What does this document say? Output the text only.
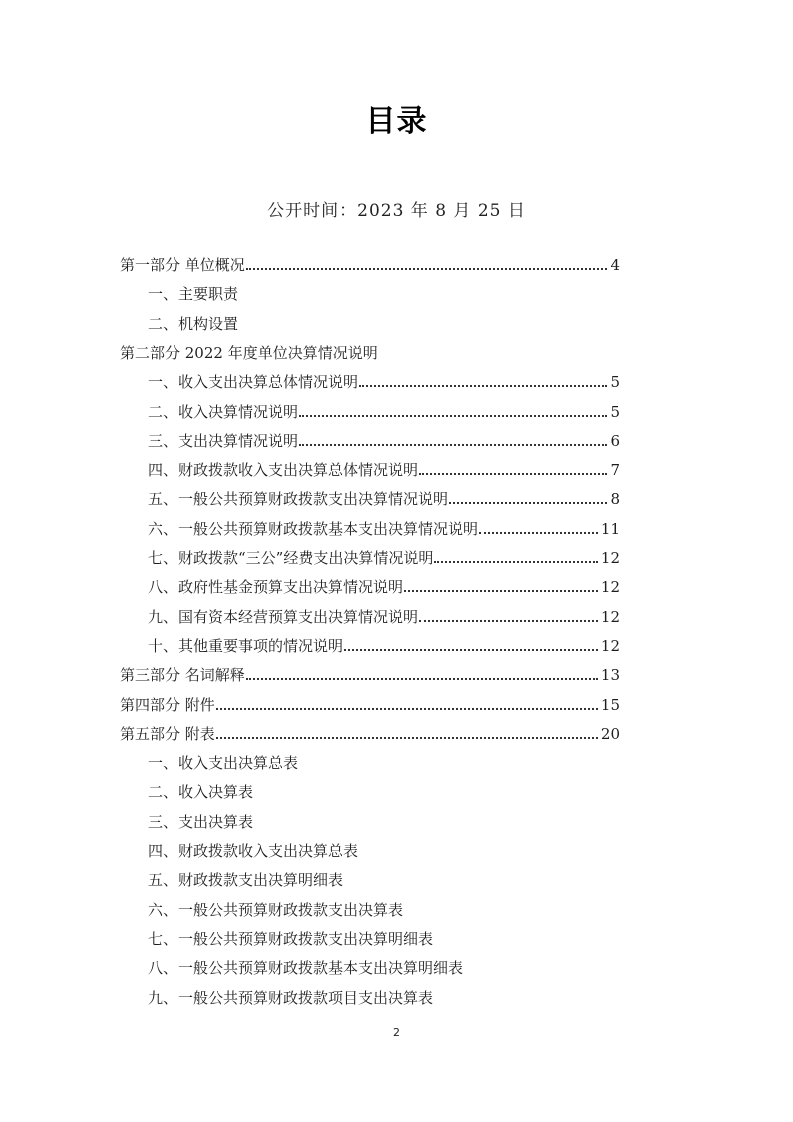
目录
公开时间：2023 年 8 月 25 日
第一部分 单位概况	4
一、主要职责
二、机构设置
第二部分 2022 年度单位决算情况说明
一、收入支出决算总体情况说明	5
二、收入决算情况说明	5
三、支出决算情况说明	6
四、财政拨款收入支出决算总体情况说明	7
五、一般公共预算财政拨款支出决算情况说明	8
六、一般公共预算财政拨款基本支出决算情况说明	11
七、财政拨款“三公”经费支出决算情况说明	12
八、政府性基金预算支出决算情况说明	12
九、国有资本经营预算支出决算情况说明	12
十、其他重要事项的情况说明	12
第三部分 名词解释	13
第四部分 附件	15
第五部分 附表	20
一、收入支出决算总表
二、收入决算表
三、支出决算表
四、财政拨款收入支出决算总表
五、财政拨款支出决算明细表
六、一般公共预算财政拨款支出决算表
七、一般公共预算财政拨款支出决算明细表
八、一般公共预算财政拨款基本支出决算明细表
九、一般公共预算财政拨款项目支出决算表
2
